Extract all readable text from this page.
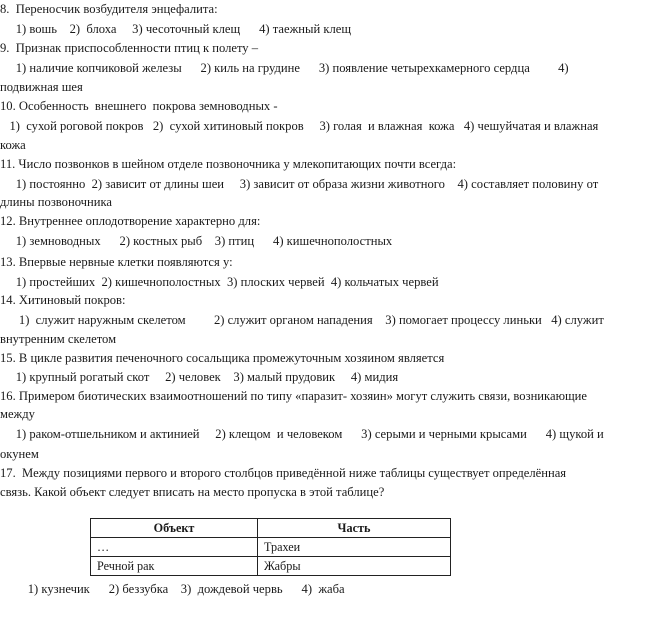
8.  Переносчик возбудителя энцефалита:
1) вошь    2)  блоха     3) чесоточный клещ      4) таежный клещ
9.  Признак приспособленности птиц к полету –
1) наличие копчиковой железы      2) киль на грудине      3) появление четырехкамерного сердца         4)
подвижная шея
10. Особенность  внешнего  покрова земноводных -
1)  сухой роговой покров   2)  сухой хитиновый покров     3) голая  и влажная  кожа   4) чешуйчатая и влажная
кожа
11. Число позвонков в шейном отделе позвоночника у млекопитающих почти всегда:
1) постоянно  2) зависит от длины шеи     3) зависит от образа жизни животного    4) составляет половину от
длины позвоночника
12. Внутреннее оплодотворение характерно для:
1) земноводных      2) костных рыб    3) птиц      4) кишечнополостных
13. Впервые нервные клетки появляются у:
1) простейших  2) кишечнополостных  3) плоских червей  4) кольчатых червей
14. Хитиновый покров:
1)  служит наружным скелетом         2) служит органом нападения    3) помогает процессу линьки   4) служит
внутренним скелетом
15. В цикле развития печеночного сосальщика промежуточным хозяином является
1) крупный рогатый скот     2) человек    3) малый прудовик     4) мидия
16. Примером биотических взаимоотношений по типу «паразит- хозяин» могут служить связи, возникающие
между
1) раком-отшельником и актинией     2) клещом  и человеком      3) серыми и черными крысами      4) щукой и
окунем
17.  Между позициями первого и второго столбцов приведённой ниже таблицы существует определённая
связь. Какой объект следует вписать на место пропуска в этой таблице?
Объект	Часть
…	Трахеи
Речной рак	Жабры
1) кузнечик      2) беззубка    3)  дождевой червь      4)  жаба
